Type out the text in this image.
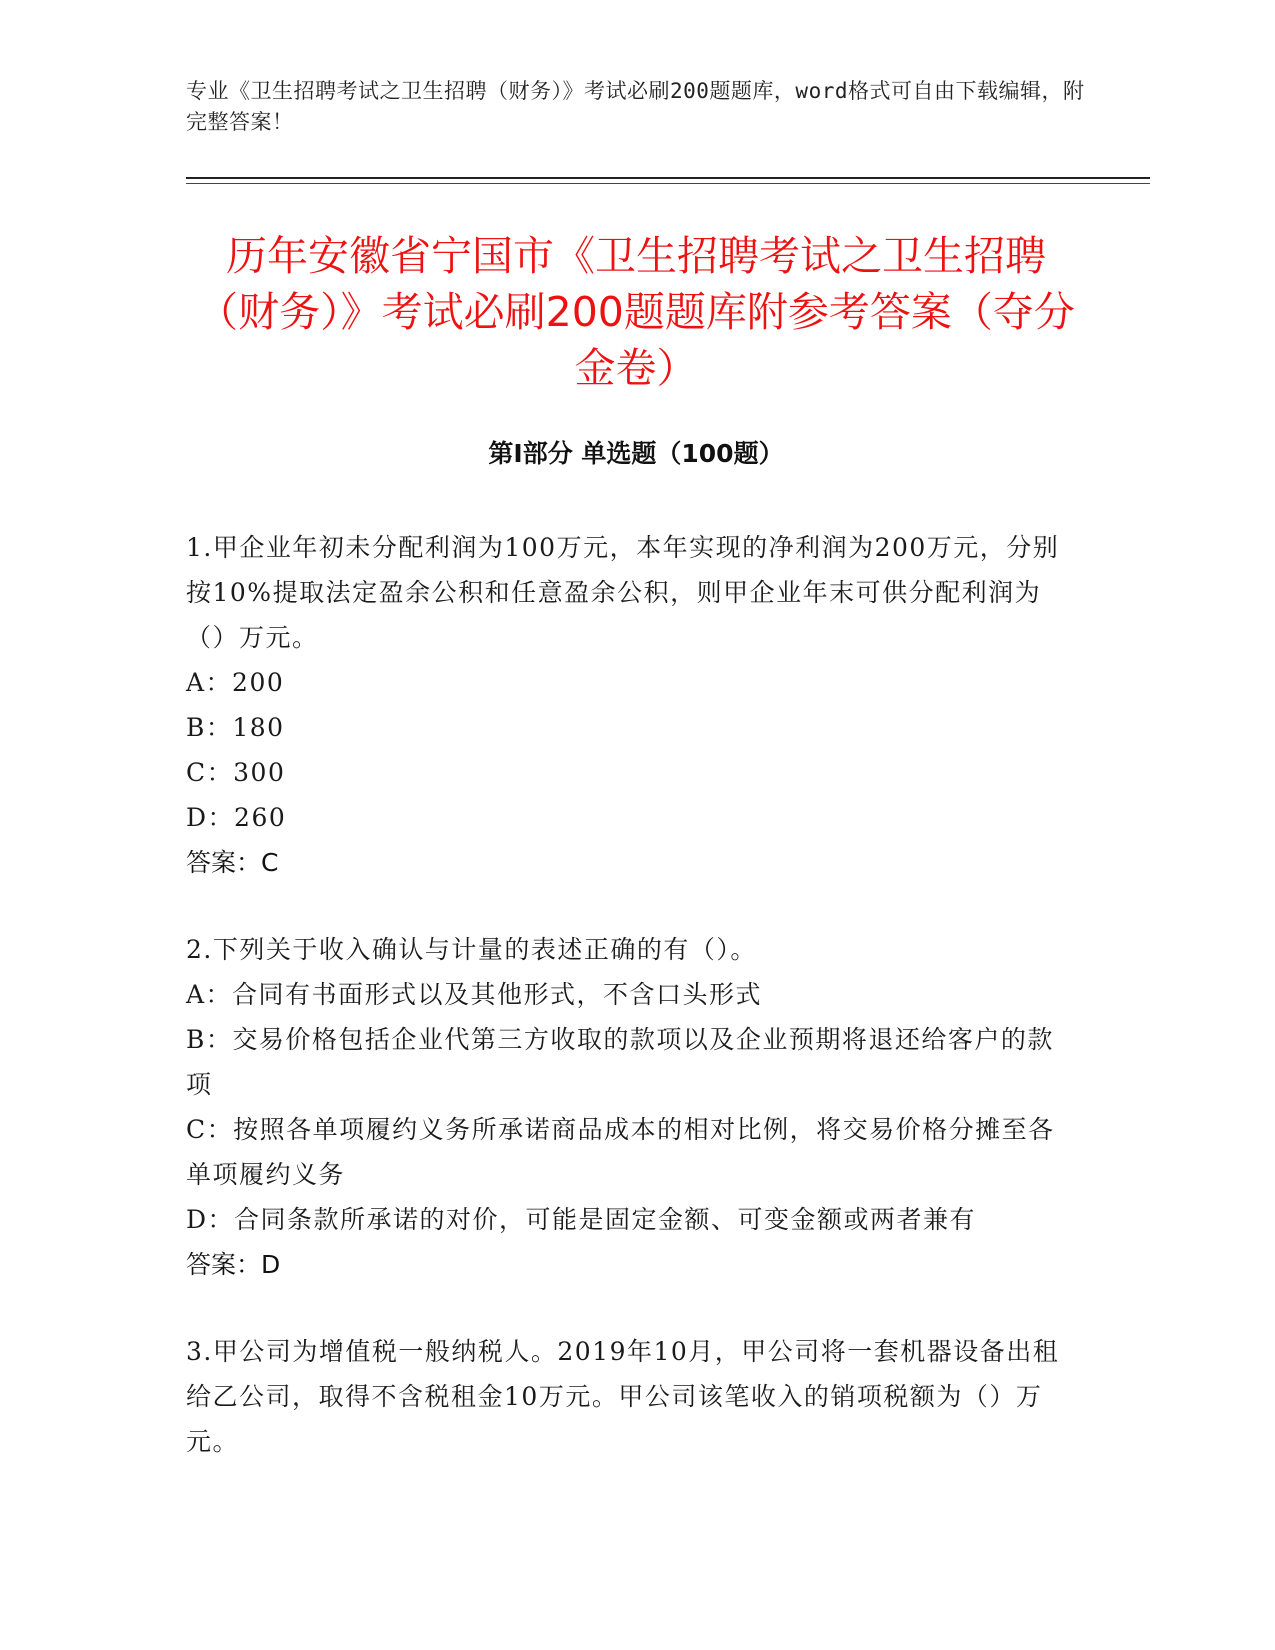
专业《卫生招聘考试之卫生招聘（财务）》考试必刷200题题库，word格式可自由下载编辑，附完整答案！
历年安徽省宁国市《卫生招聘考试之卫生招聘（财务）》考试必刷200题题库附参考答案（夺分金卷）
第I部分 单选题（100题）
1.甲企业年初未分配利润为100万元，本年实现的净利润为200万元，分别按10%提取法定盈余公积和任意盈余公积，则甲企业年末可供分配利润为（）万元。
A：200
B：180
C：300
D：260
答案：C
2.下列关于收入确认与计量的表述正确的有（）。
A：合同有书面形式以及其他形式，不含口头形式
B：交易价格包括企业代第三方收取的款项以及企业预期将退还给客户的款项
C：按照各单项履约义务所承诺商品成本的相对比例，将交易价格分摊至各单项履约义务
D：合同条款所承诺的对价，可能是固定金额、可变金额或两者兼有
答案：D
3.甲公司为增值税一般纳税人。2019年10月，甲公司将一套机器设备出租给乙公司，取得不含税租金10万元。甲公司该笔收入的销项税额为（）万元。
